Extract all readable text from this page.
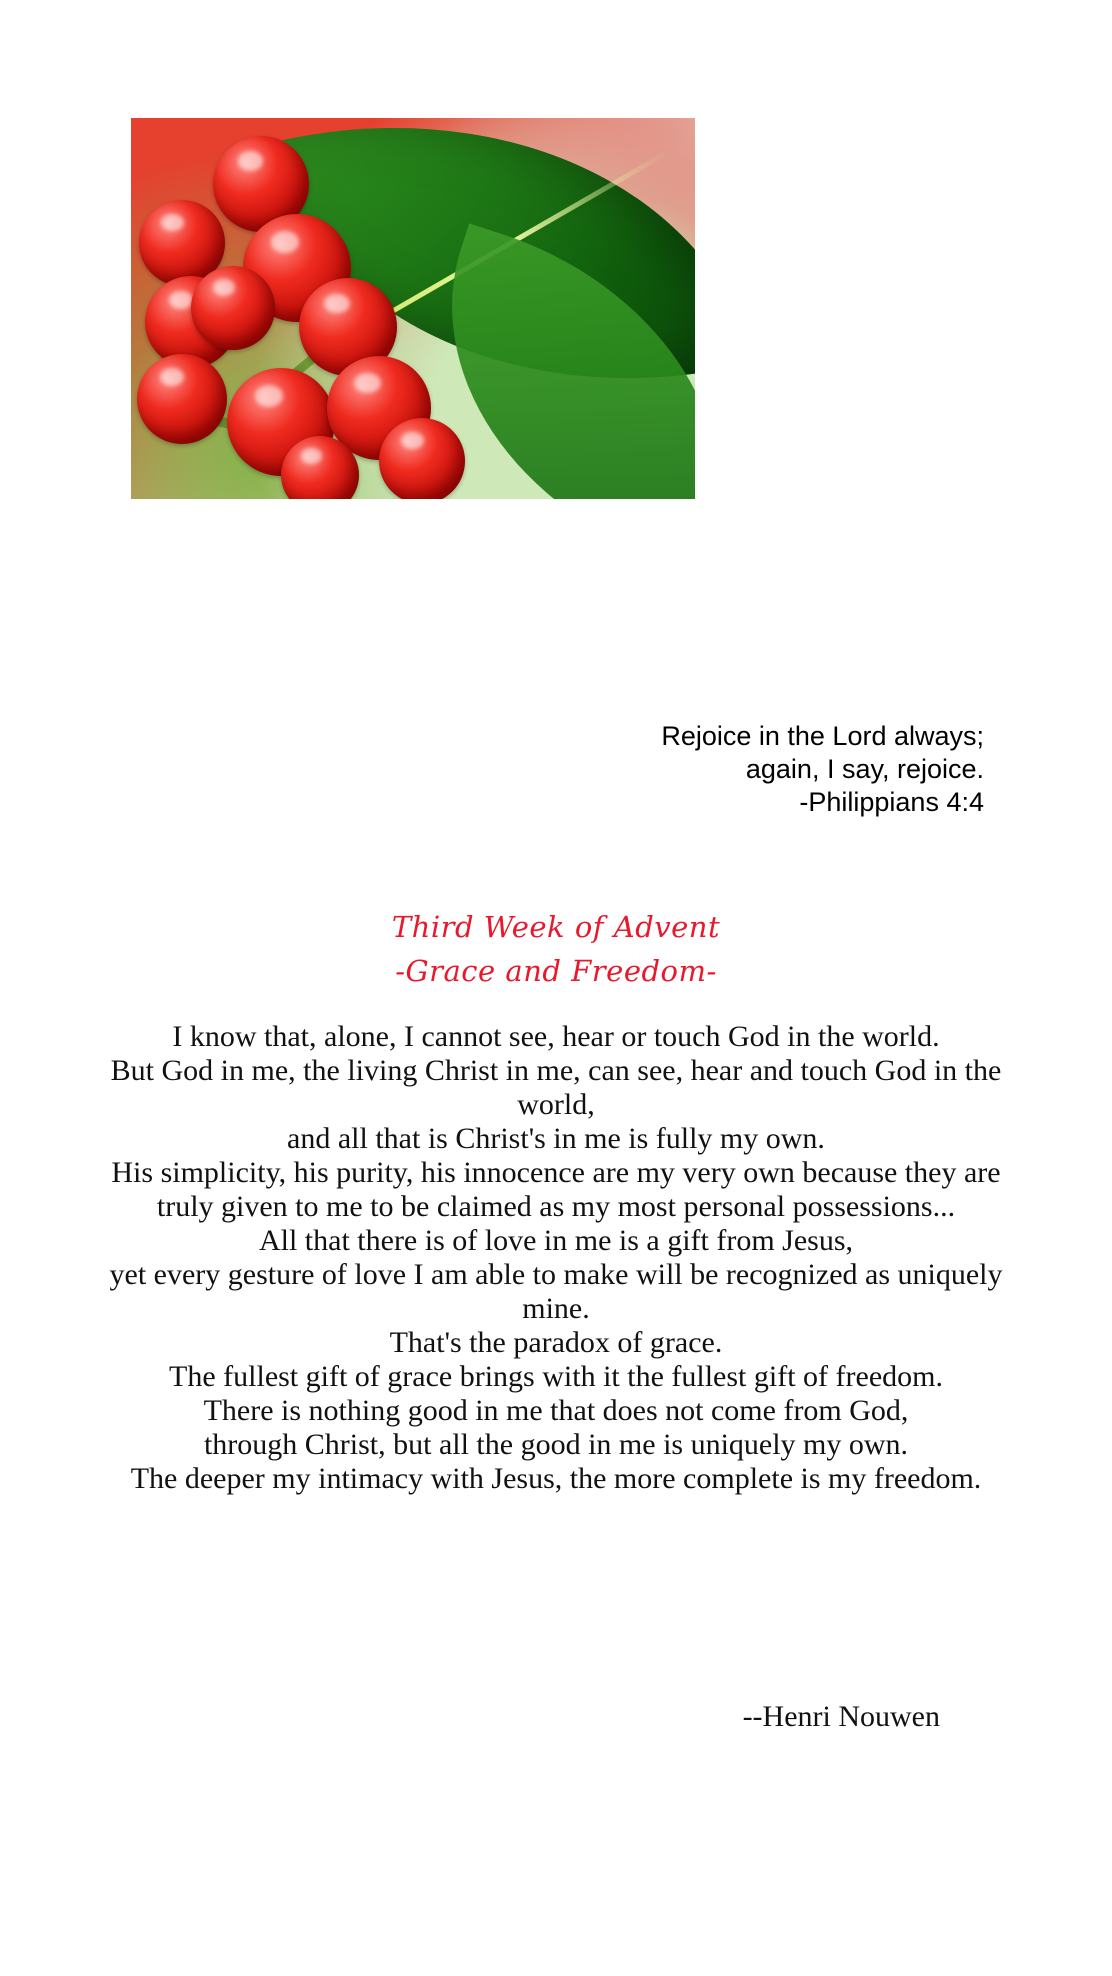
Rejoice in the Lord always;
again, I say, rejoice.
-Philippians 4:4
Third Week of Advent
-Grace and Freedom-

I know that, alone, I cannot see, hear or touch God in the world.

But God in me, the living Christ in me, can see, hear and touch God in the world,

and all that is Christ's in me is fully my own.

His simplicity, his purity, his innocence are my very own because they are truly given to me to be claimed as my most personal possessions...

All that there is of love in me is a gift from Jesus,

yet every gesture of love I am able to make will be recognized as uniquely mine.

That's the paradox of grace.

The fullest gift of grace brings with it the fullest gift of freedom.

There is nothing good in me that does not come from God,

through Christ, but all the good in me is uniquely my own.

The deeper my intimacy with Jesus, the more complete is my freedom.

--Henri Nouwen
